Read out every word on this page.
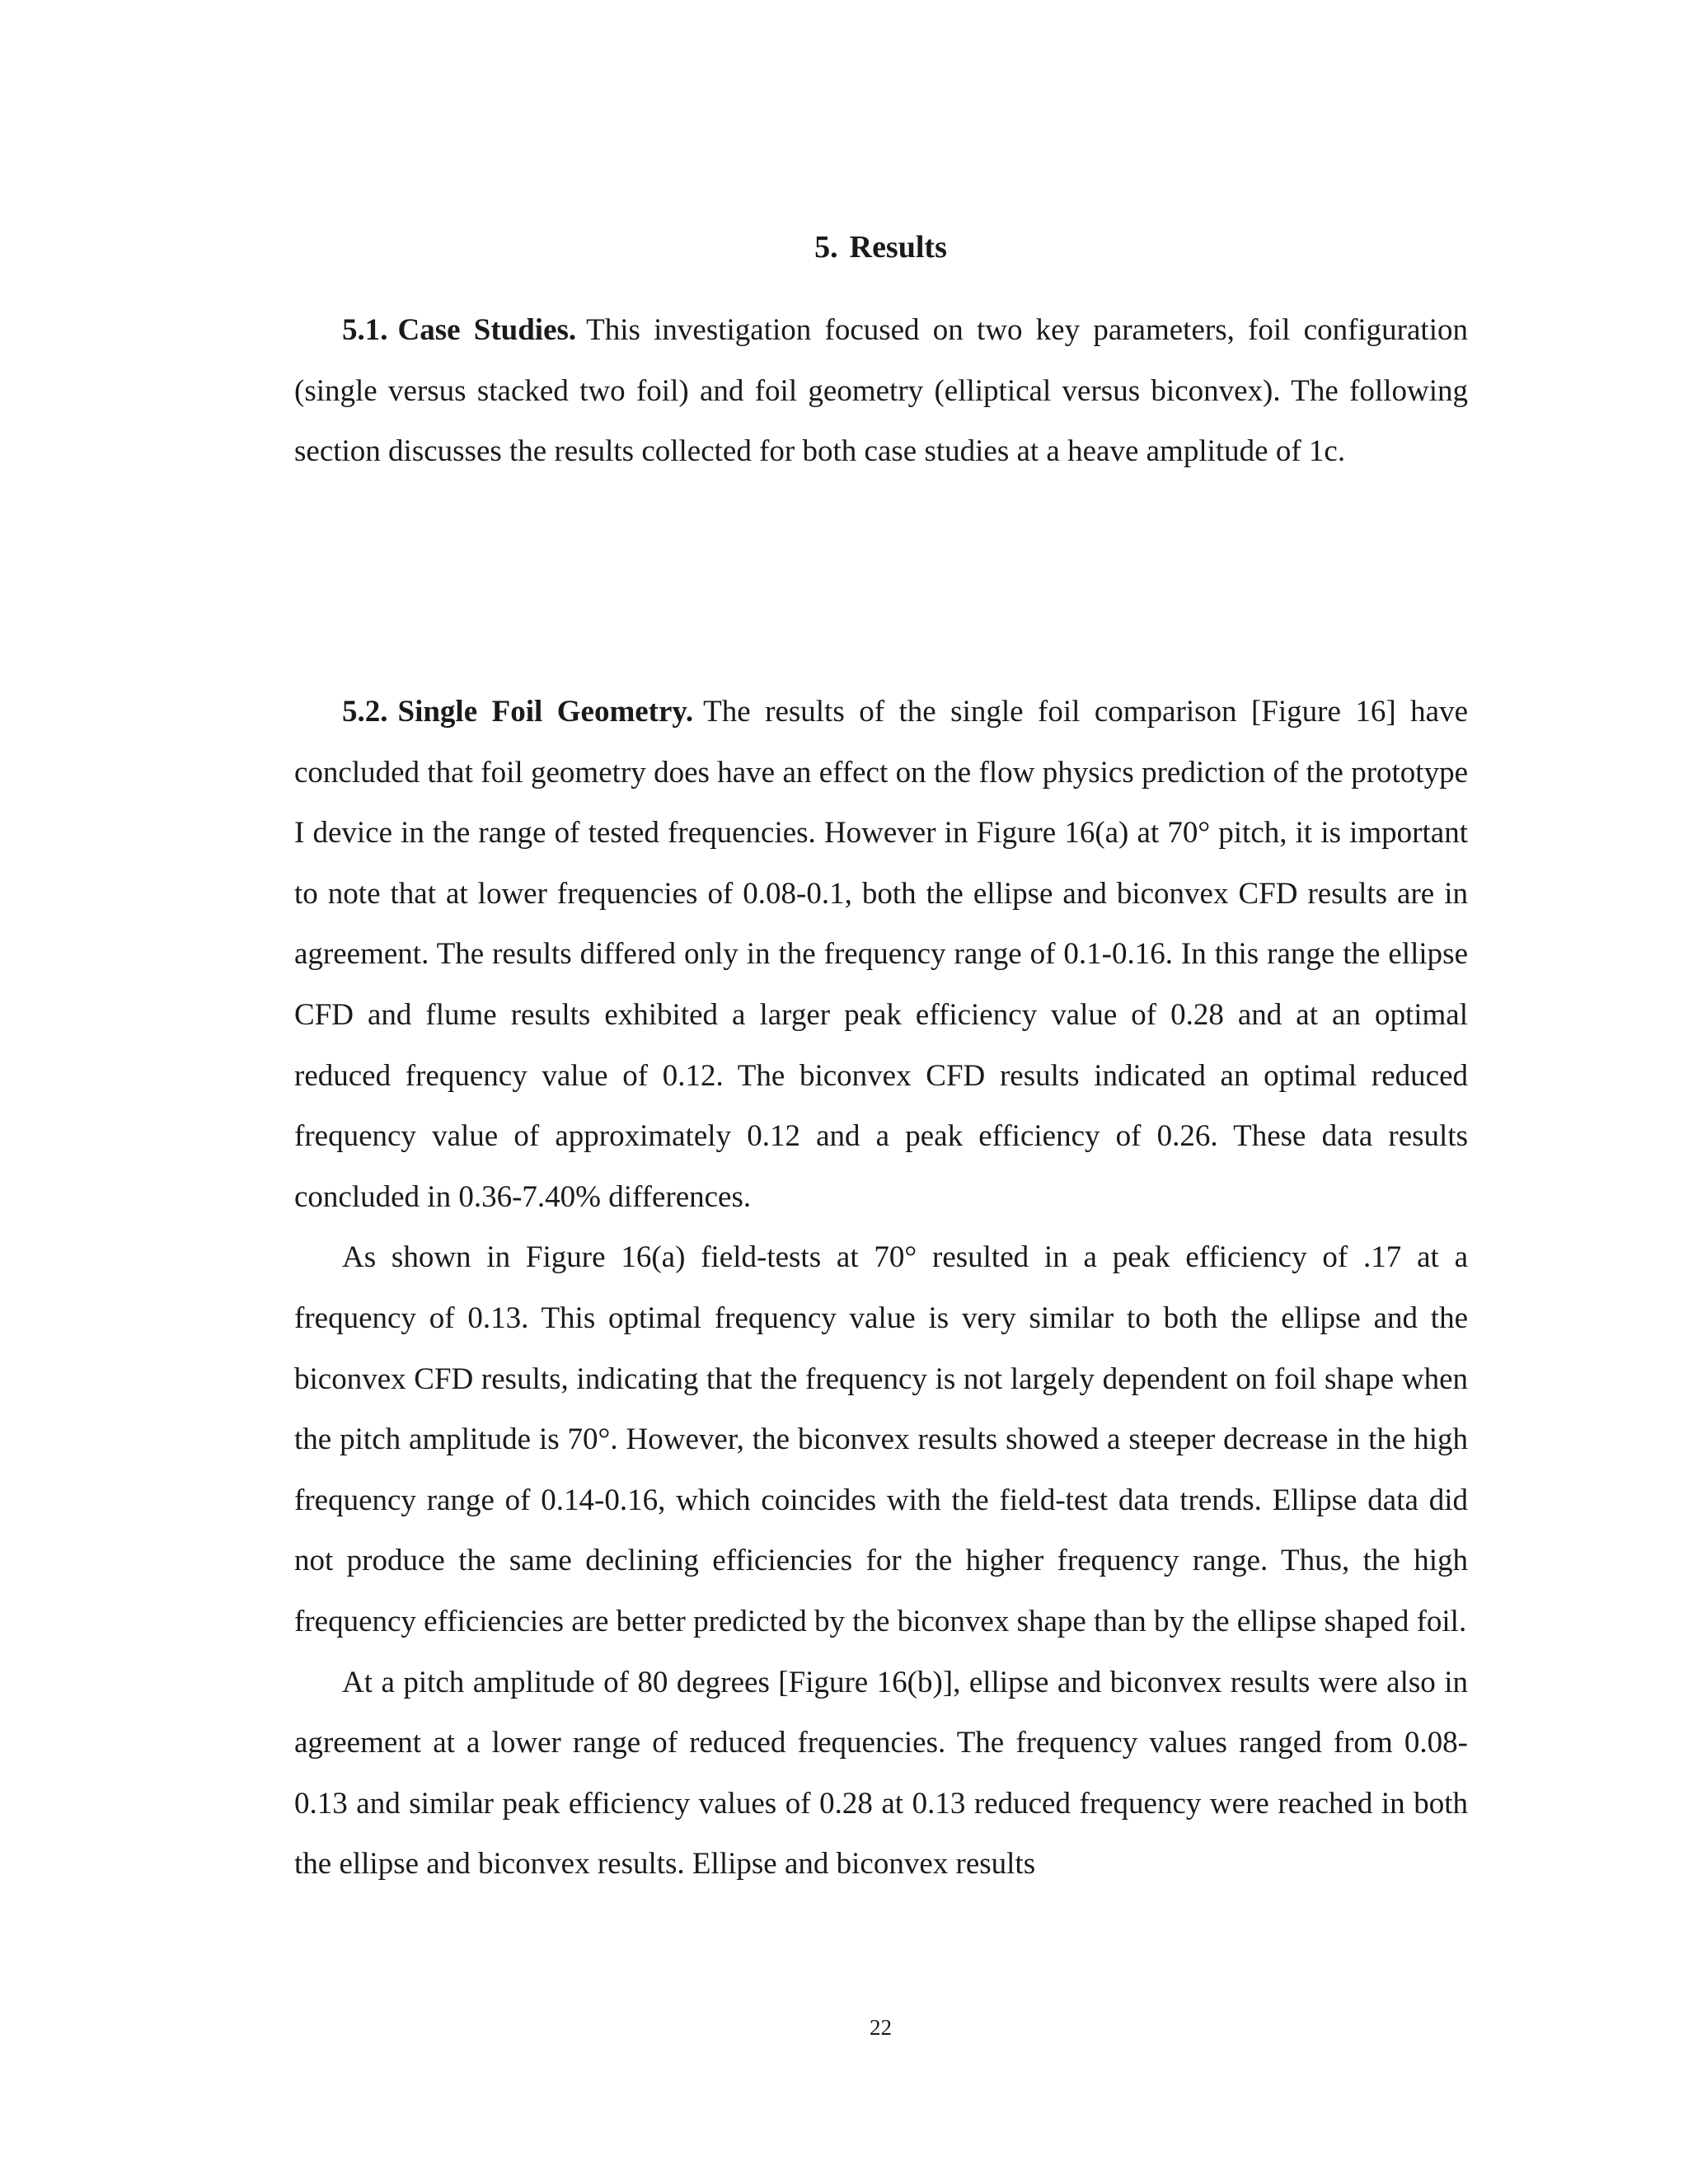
5. Results

5.1. Case Studies. This investigation focused on two key parameters, foil configuration (single versus stacked two foil) and foil geometry (elliptical versus biconvex). The following section discusses the results collected for both case studies at a heave amplitude of 1c.

5.2. Single Foil Geometry. The results of the single foil comparison [Figure 16] have concluded that foil geometry does have an effect on the flow physics prediction of the prototype I device in the range of tested frequencies. However in Figure 16(a) at 70° pitch, it is important to note that at lower frequencies of 0.08-0.1, both the ellipse and biconvex CFD results are in agreement. The results differed only in the frequency range of 0.1-0.16. In this range the ellipse CFD and flume results exhibited a larger peak efficiency value of 0.28 and at an optimal reduced frequency value of 0.12. The biconvex CFD results indicated an optimal reduced frequency value of approximately 0.12 and a peak efficiency of 0.26. These data results concluded in 0.36-7.40% differences.

As shown in Figure 16(a) field-tests at 70° resulted in a peak efficiency of .17 at a frequency of 0.13. This optimal frequency value is very similar to both the ellipse and the biconvex CFD results, indicating that the frequency is not largely dependent on foil shape when the pitch amplitude is 70°. However, the biconvex results showed a steeper decrease in the high frequency range of 0.14-0.16, which coincides with the field-test data trends. Ellipse data did not produce the same declining efficiencies for the higher frequency range. Thus, the high frequency efficiencies are better predicted by the biconvex shape than by the ellipse shaped foil.

At a pitch amplitude of 80 degrees [Figure 16(b)], ellipse and biconvex results were also in agreement at a lower range of reduced frequencies. The frequency values ranged from 0.08-0.13 and similar peak efficiency values of 0.28 at 0.13 reduced frequency were reached in both the ellipse and biconvex results. Ellipse and biconvex results

22
